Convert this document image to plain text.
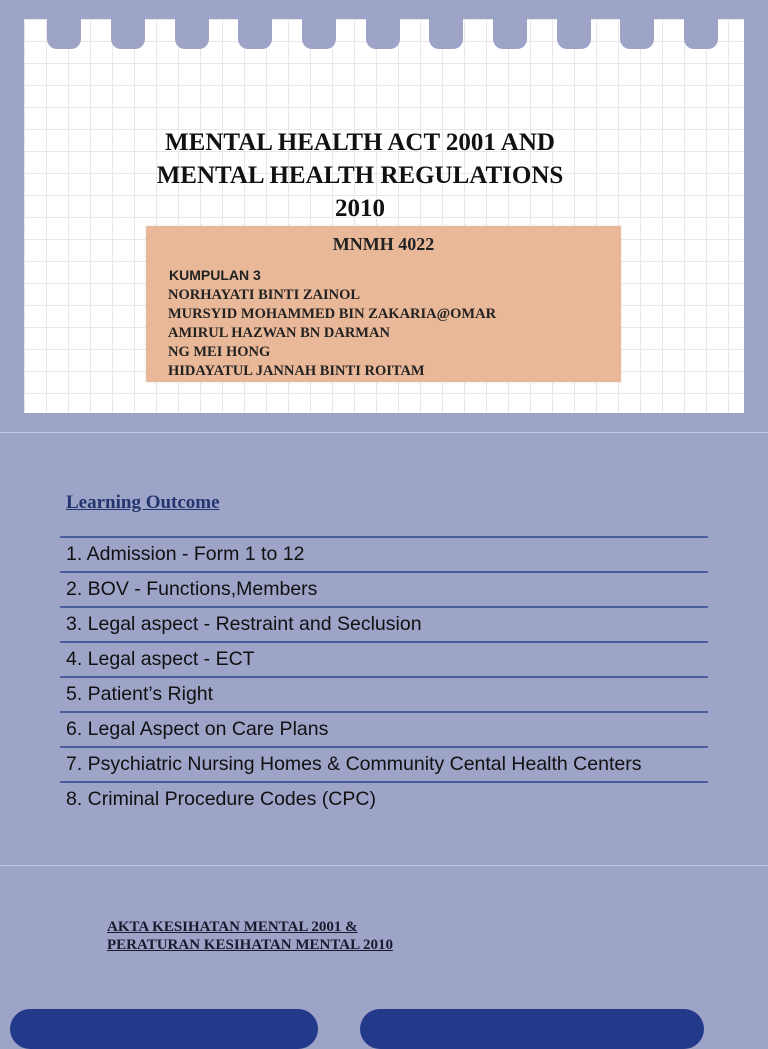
MENTAL HEALTH ACT 2001 AND
MENTAL HEALTH REGULATIONS
2010
MNMH 4022
KUMPULAN 3
NORHAYATI BINTI ZAINOL
MURSYID MOHAMMED BIN ZAKARIA@OMAR
AMIRUL HAZWAN BN DARMAN
NG MEI HONG
HIDAYATUL JANNAH BINTI ROITAM
Learning Outcome
1. Admission - Form 1 to 12
2. BOV - Functions,Members
3. Legal aspect - Restraint and Seclusion
4. Legal aspect - ECT
5. Patient’s Right
6. Legal Aspect on Care Plans
7. Psychiatric Nursing Homes & Community Cental Health Centers
8. Criminal Procedure Codes (CPC)
AKTA KESIHATAN MENTAL 2001 &
PERATURAN KESIHATAN MENTAL 2010
